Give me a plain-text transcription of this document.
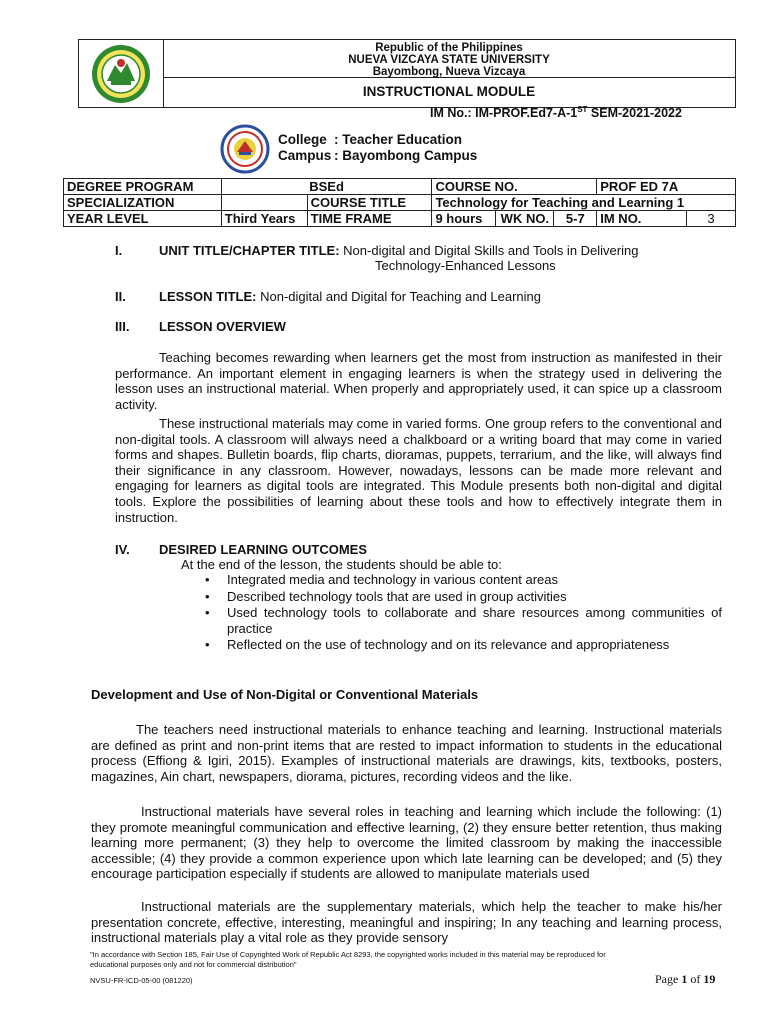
Republic of the Philippines
NUEVA VIZCAYA STATE UNIVERSITY
Bayombong, Nueva Vizcaya
INSTRUCTIONAL MODULE
IM No.: IM-PROF.Ed7-A-1ST SEM-2021-2022
College : Teacher Education
Campus : Bayombong Campus
DEGREE PROGRAM	BSEd		COURSE NO.			PROF ED 7A	
SPECIALIZATION		COURSE TITLE	Technology for Teaching and Learning 1				
YEAR LEVEL	Third Years	TIME FRAME	9 hours	WK NO.	5-7	IM NO.	3
I.	UNIT TITLE/CHAPTER TITLE: Non-digital and Digital Skills and Tools in Delivering
Technology-Enhanced Lessons
II.	LESSON TITLE: Non-digital and Digital for Teaching and Learning
III. LESSON OVERVIEW
Teaching becomes rewarding when learners get the most from instruction as manifested in their performance. An important element in engaging learners is when the strategy used in delivering the lesson uses an instructional material. When properly and appropriately used, it can spice up a classroom activity.
These instructional materials may come in varied forms. One group refers to the conventional and non-digital tools. A classroom will always need a chalkboard or a writing board that may come in varied forms and shapes. Bulletin boards, flip charts, dioramas, puppets, terrarium, and the like, will always find their significance in any classroom. However, nowadays, lessons can be made more relevant and engaging for learners as digital tools are integrated. This Module presents both non-digital and digital tools. Explore the possibilities of learning about these tools and how to effectively integrate them in instruction.
IV. DESIRED LEARNING OUTCOMES
At the end of the lesson, the students should be able to:
• Integrated media and technology in various content areas
• Described technology tools that are used in group activities
• Used technology tools to collaborate and share resources among communities of practice
• Reflected on the use of technology and on its relevance and appropriateness
Development and Use of Non-Digital or Conventional Materials
The teachers need instructional materials to enhance teaching and learning. Instructional materials are defined as print and non-print items that are rested to impact information to students in the educational process (Effiong & Igiri, 2015). Examples of instructional materials are drawings, kits, textbooks, posters, magazines, Ain chart, newspapers, diorama, pictures, recording videos and the like.
Instructional materials have several roles in teaching and learning which include the following: (1) they promote meaningful communication and effective learning, (2) they ensure better retention, thus making learning more permanent; (3) they help to overcome the limited classroom by making the inaccessible accessible; (4) they provide a common experience upon which late learning can be developed; and (5) they encourage participation especially if students are allowed to manipulate materials used
Instructional materials are the supplementary materials, which help the teacher to make his/her presentation concrete, effective, interesting, meaningful and inspiring; In any teaching and learning process, instructional materials play a vital role as they provide sensory
"In accordance with Section 185, Fair Use of Copyrighted Work of Republic Act 8293, the copyrighted works included in this material may be reproduced for educational purposes only and not for commercial distribution"
NVSU-FR-ICD-05-00 (081220)	Page 1 of 19
